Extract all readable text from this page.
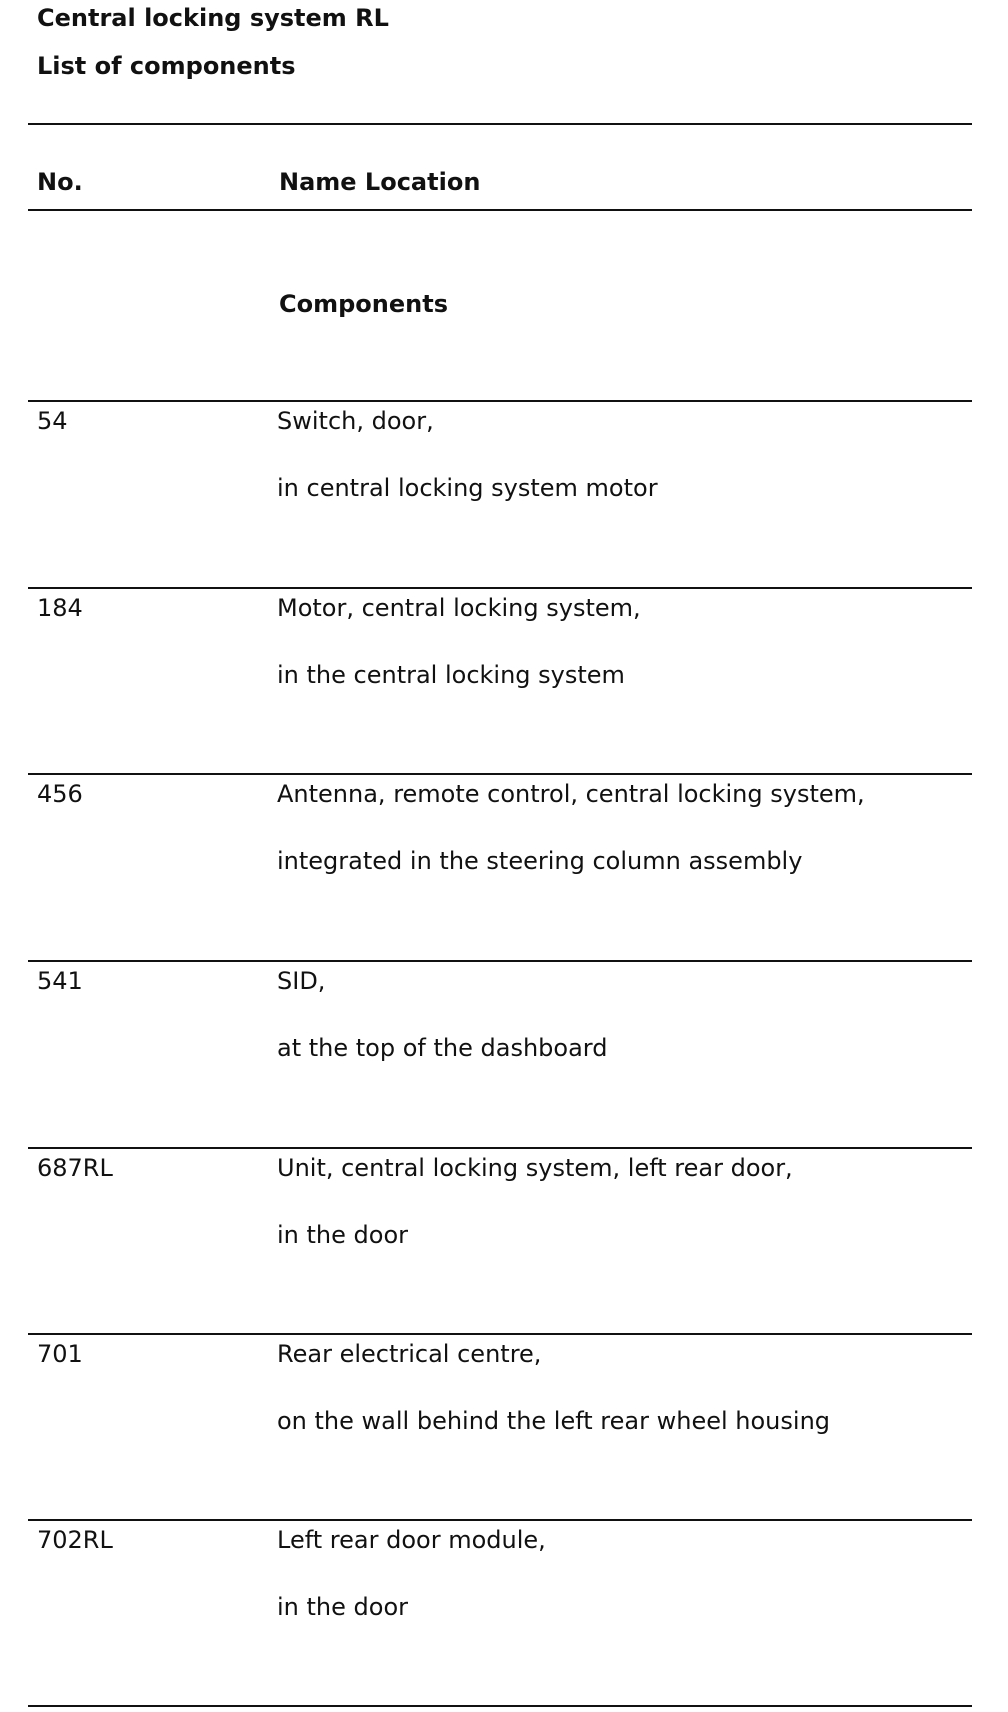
Central locking system RL
List of components
No.	Name Location
Components
54	Switch, door,
in central locking system motor
184	Motor, central locking system,
in the central locking system
456	Antenna, remote control, central locking system,
integrated in the steering column assembly
541	SID,
at the top of the dashboard
687RL	Unit, central locking system, left rear door,
in the door
701	Rear electrical centre,
on the wall behind the left rear wheel housing
702RL	Left rear door module,
in the door
